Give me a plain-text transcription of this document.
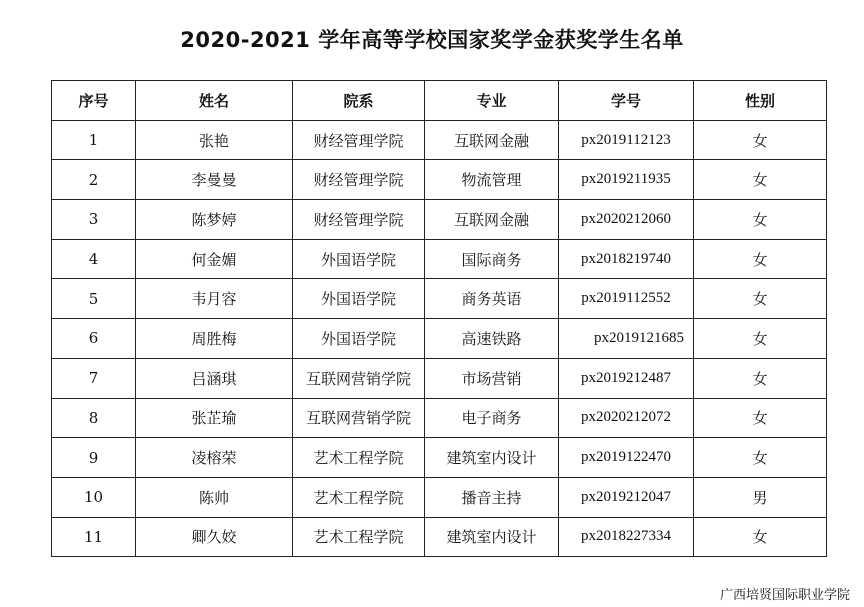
2020-2021 学年高等学校国家奖学金获奖学生名单
序号	姓名	院系	专业	学号	性别
1	张艳	财经管理学院	互联网金融	px2019112123	女
2	李曼曼	财经管理学院	物流管理	px2019211935	女
3	陈梦婷	财经管理学院	互联网金融	px2020212060	女
4	何金媚	外国语学院	国际商务	px2018219740	女
5	韦月容	外国语学院	商务英语	px2019112552	女
6	周胜梅	外国语学院	高速铁路	px2019121685	女
7	吕涵琪	互联网营销学院	市场营销	px2019212487	女
8	张芷瑜	互联网营销学院	电子商务	px2020212072	女
9	凌榕荣	艺术工程学院	建筑室内设计	px2019122470	女
10	陈帅	艺术工程学院	播音主持	px2019212047	男
11	卿久姣	艺术工程学院	建筑室内设计	px2018227334	女
广西培贤国际职业学院
